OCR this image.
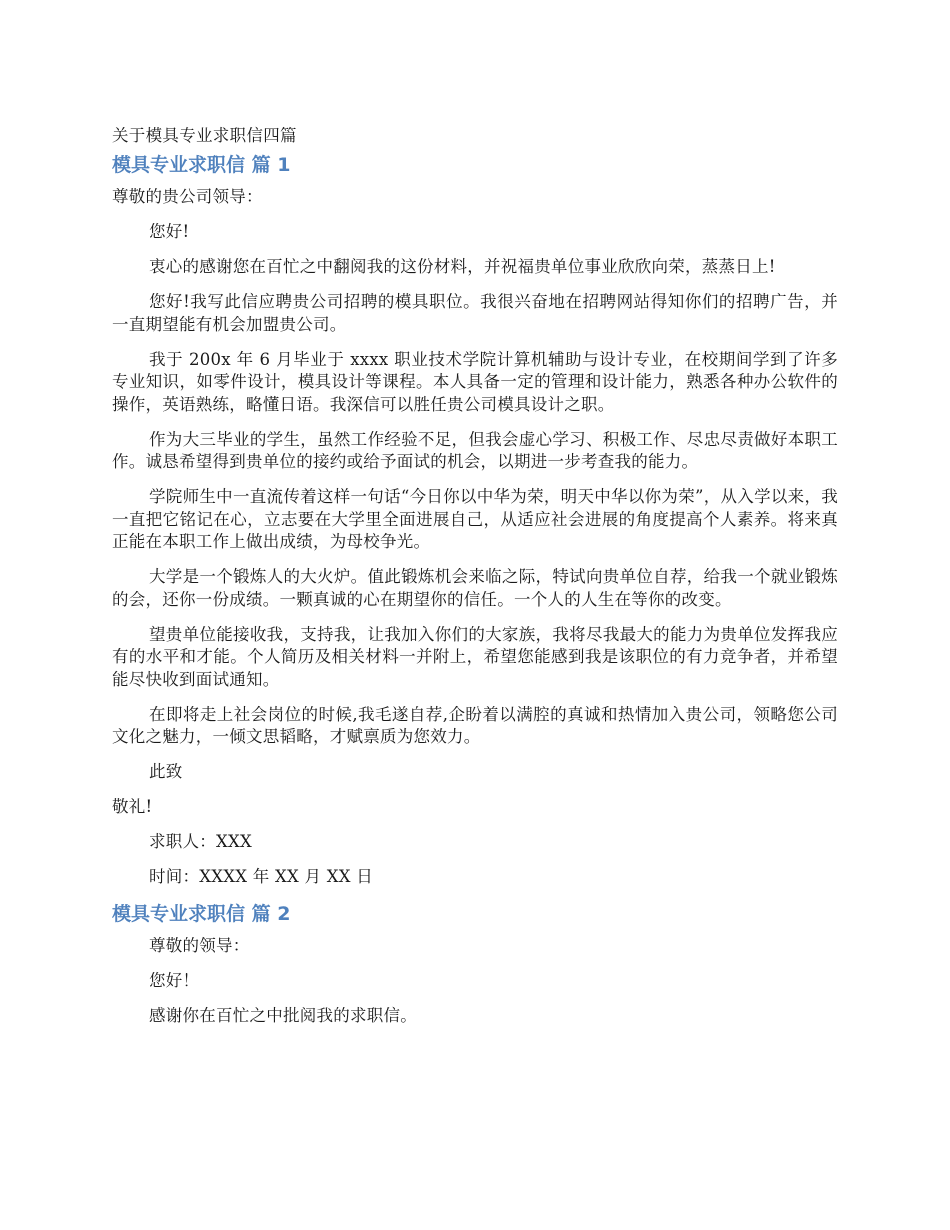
关于模具专业求职信四篇

模具专业求职信 篇 1

尊敬的贵公司领导：

您好!

衷心的感谢您在百忙之中翻阅我的这份材料，并祝福贵单位事业欣欣向荣，蒸蒸日上!

您好!我写此信应聘贵公司招聘的模具职位。我很兴奋地在招聘网站得知你们的招聘广告，并一直期望能有机会加盟贵公司。

我于 200x 年 6 月毕业于 xxxx 职业技术学院计算机辅助与设计专业，在校期间学到了许多专业知识，如零件设计，模具设计等课程。本人具备一定的管理和设计能力，熟悉各种办公软件的操作，英语熟练，略懂日语。我深信可以胜任贵公司模具设计之职。

作为大三毕业的学生，虽然工作经验不足，但我会虚心学习、积极工作、尽忠尽责做好本职工作。诚恳希望得到贵单位的接约或给予面试的机会，以期进一步考查我的能力。

学院师生中一直流传着这样一句话“今日你以中华为荣，明天中华以你为荣”，从入学以来，我一直把它铭记在心，立志要在大学里全面进展自己，从适应社会进展的角度提高个人素养。将来真正能在本职工作上做出成绩，为母校争光。

大学是一个锻炼人的大火炉。值此锻炼机会来临之际，特试向贵单位自荐，给我一个就业锻炼的会，还你一份成绩。一颗真诚的心在期望你的信任。一个人的人生在等你的改变。

望贵单位能接收我，支持我，让我加入你们的大家族，我将尽我最大的能力为贵单位发挥我应有的水平和才能。个人简历及相关材料一并附上，希望您能感到我是该职位的有力竞争者，并希望能尽快收到面试通知。

在即将走上社会岗位的时候,我毛遂自荐,企盼着以满腔的真诚和热情加入贵公司，领略您公司文化之魅力，一倾文思韬略，才赋禀质为您效力。

此致

敬礼!

求职人：XXX

时间：XXXX 年 XX 月 XX 日

模具专业求职信 篇 2

尊敬的领导：

您好！

感谢你在百忙之中批阅我的求职信。
